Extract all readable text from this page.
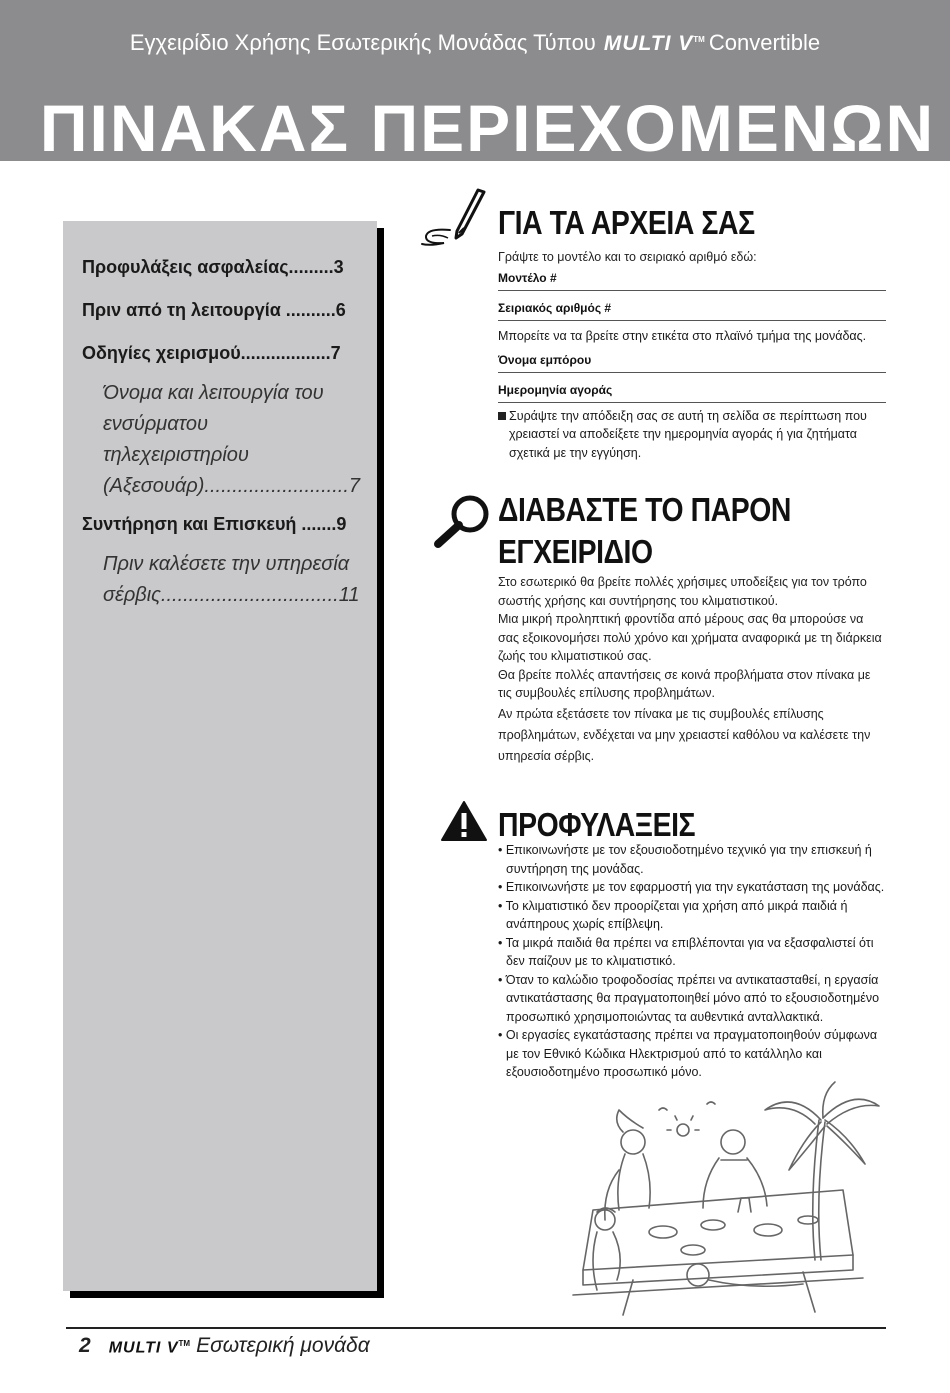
Εγχειρίδιο Χρήσης Εσωτερικής Μονάδας Τύπου MULTI V™ Convertible
ΠΙΝΑΚΑΣ ΠΕΡΙΕΧΟΜΕΝΩΝ
Προφυλάξεις ασφαλείας.........3
Πριν από τη λειτουργία ..........6
Οδηγίες χειρισμού..................7
Όνομα και λειτουργία του
ενσύρματου τηλεχειριστηρίου
(Αξεσουάρ)..........................7
Συντήρηση και Επισκευή .......9
Πριν καλέσετε την υπηρεσία
σέρβις................................11
ΓΙΑ ΤΑ ΑΡΧΕΙΑ ΣΑΣ
Γράψτε το μοντέλο και το σειριακό αριθμό εδώ:
Μοντέλο #
Σειριακός αριθμός #
Μπορείτε να τα βρείτε στην ετικέτα στο πλαϊνό τμήμα της μονάδας.
Όνομα εμπόρου
Ημερομηνία αγοράς
Συράψτε την απόδειξη σας σε αυτή τη σελίδα σε περίπτωση που χρειαστεί να αποδείξετε την ημερομηνία αγοράς ή για ζητήματα σχετικά με την εγγύηση.
ΔΙΑΒΑΣΤΕ ΤΟ ΠΑΡΟΝ
ΕΓΧΕΙΡΙΔΙΟ
Στο εσωτερικό θα βρείτε πολλές χρήσιμες υποδείξεις για τον τρόπο σωστής χρήσης και συντήρησης του κλιματιστικού.
Μια μικρή προληπτική φροντίδα από μέρους σας θα μπορούσε να σας εξοικονομήσει πολύ χρόνο και χρήματα αναφορικά με τη διάρκεια ζωής του κλιματιστικού σας.
Θα βρείτε πολλές απαντήσεις σε κοινά προβλήματα στον πίνακα με τις συμβουλές επίλυσης προβλημάτων.
Αν πρώτα εξετάσετε τον πίνακα με τις συμβουλές επίλυσης προβλημάτων, ενδέχεται να μην χρειαστεί καθόλου να καλέσετε την υπηρεσία σέρβις.
ΠΡΟΦΥΛΑΞΕΙΣ
• Επικοινωνήστε με τον εξουσιοδοτημένο τεχνικό για την επισκευή ή συντήρηση της μονάδας.
• Επικοινωνήστε με τον εφαρμοστή για την εγκατάσταση της μονάδας.
• Το κλιματιστικό δεν προορίζεται για χρήση από μικρά παιδιά ή ανάπηρους χωρίς επίβλεψη.
• Τα μικρά παιδιά θα πρέπει να επιβλέπονται για να εξασφαλιστεί ότι δεν παίζουν με το κλιματιστικό.
• Όταν το καλώδιο τροφοδοσίας πρέπει να αντικατασταθεί, η εργασία αντικατάστασης θα πραγματοποιηθεί μόνο από το εξουσιοδοτημένο προσωπικό χρησιμοποιώντας τα αυθεντικά ανταλλακτικά.
• Οι εργασίες εγκατάστασης πρέπει να πραγματοποιηθούν σύμφωνα με τον Εθνικό Κώδικα Ηλεκτρισμού από το κατάλληλο και εξουσιοδοτημένο προσωπικό μόνο.
2 MULTI V™ Εσωτερική μονάδα
